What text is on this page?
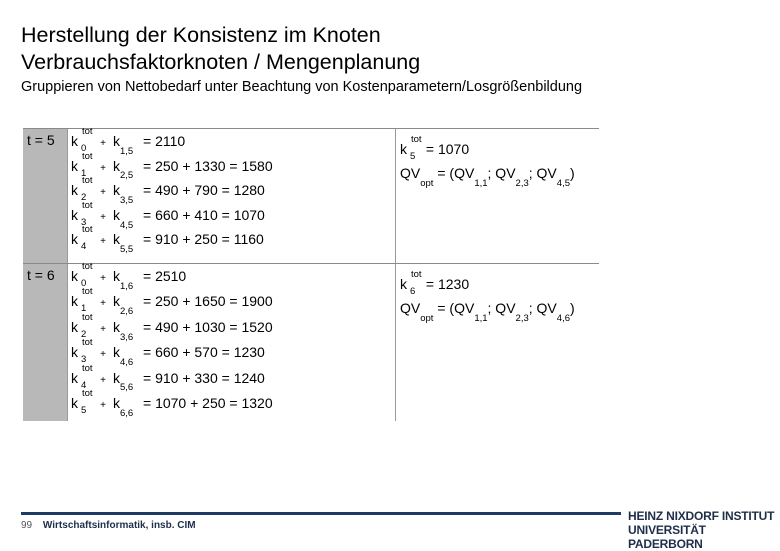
Herstellung der Konsistenz im Knoten
Verbrauchsfaktorknoten / Mengenplanung

Gruppieren von Nettobedarf unter Beachtung von Kostenparametern/Losgrößenbildung

t = 5 k
tot
$0 + k_{1,5}= 2110$
k
tot
$1 + k_{2,5}= 250 + 1330 = 1580$
k
tot
$2 + k_{3,5}= 490 + 790 = 1280$
k
tot
$3 + k_{4,5}= 660 + 410 = 1070$
k
tot
$4 + k_{5,5}= 910 + 250 = 1160$
k
tot
5 = 1070
$QV_{opt} = (QV_{1,1}$; $QV_{2,3}$; $QV_{4,5}$)
t = 6 k
tot
$0 + k_{1,6}= 2510$
k
tot
$1 + k_{2,6}= 250 + 1650 = 1900$
k
tot
$2 + k_{3,6}= 490 + 1030 = 1520$
k
tot
$3 + k_{4,6}= 660 + 570 = 1230$
k
tot
$4 + k_{5,6}= 910 + 330 = 1240$
k
tot
$5 + k_{6,6}= 1070 + 250 = 1320$
k
tot
6 = 1230
$QV_{opt} = (QV_{1,1}$; $QV_{2,3}$; $QV_{4,6}$)
99 Wirtschaftsinformatik, insb. CIM
HEINZ NIXDORF INSTITUT
UNIVERSITÄT PADERBORN
